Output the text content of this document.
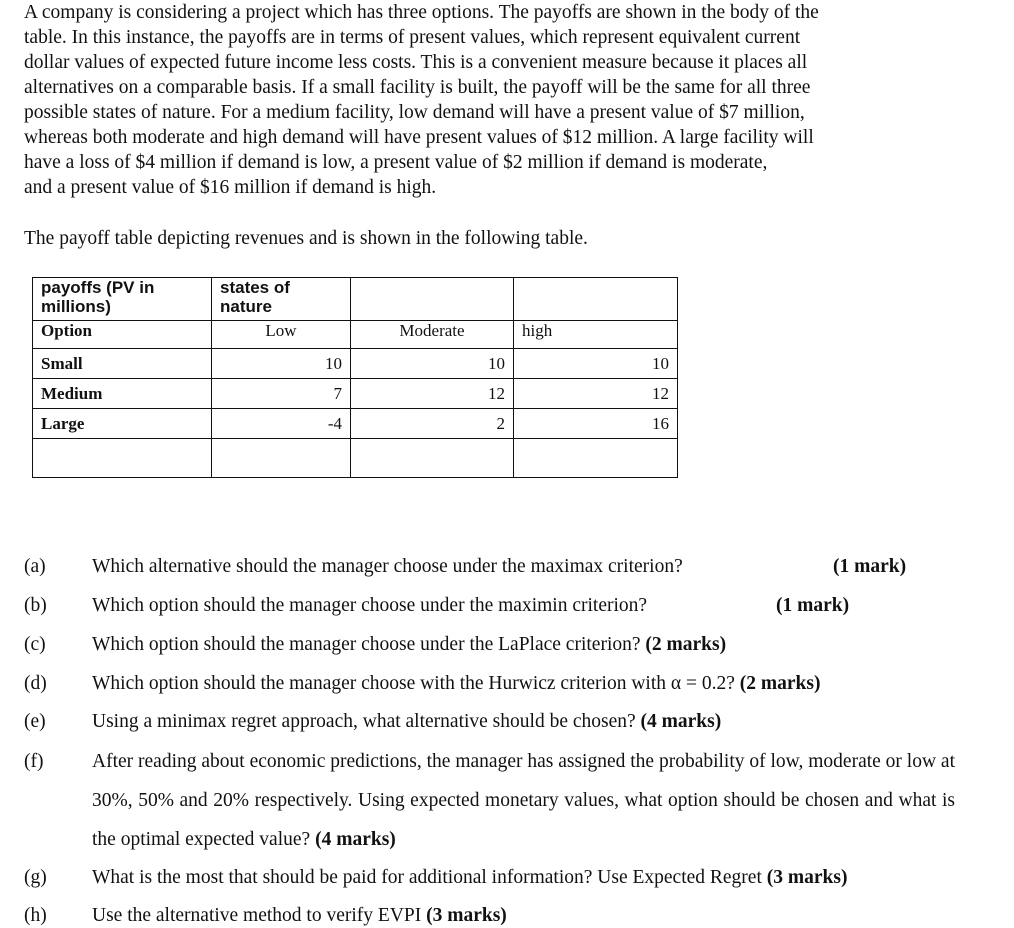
A company is considering a project which has three options. The payoffs are shown in the body of the
table. In this instance, the payoffs are in terms of present values, which represent equivalent current
dollar values of expected future income less costs. This is a convenient measure because it places all
alternatives on a comparable basis. If a small facility is built, the payoff will be the same for all three
possible states of nature. For a medium facility, low demand will have a present value of $7 million,
whereas both moderate and high demand will have present values of $12 million. A large facility will
have a loss of $4 million if demand is low, a present value of $2 million if demand is moderate,
and a present value of $16 million if demand is high.

The payoff table depicting revenues and is shown in the following table.

payoffs (PV in millions)	states of nature		
Option	Low	Moderate	high
Small	10	10	10
Medium	7	12	12
Large	-4	2	16

(a) Which alternative should the manager choose under the maximax criterion?	(1 mark)
(b) Which option should the manager choose under the maximin criterion?	(1 mark)
(c) Which option should the manager choose under the LaPlace criterion? (2 marks)
(d) Which option should the manager choose with the Hurwicz criterion with α = 0.2? (2 marks)
(e) Using a minimax regret approach, what alternative should be chosen? (4 marks)
(f) After reading about economic predictions, the manager has assigned the probability of low, moderate or low at 30%, 50% and 20% respectively. Using expected monetary values, what option should be chosen and what is the optimal expected value? (4 marks)
(g) What is the most that should be paid for additional information? Use Expected Regret (3 marks)
(h) Use the alternative method to verify EVPI (3 marks)
